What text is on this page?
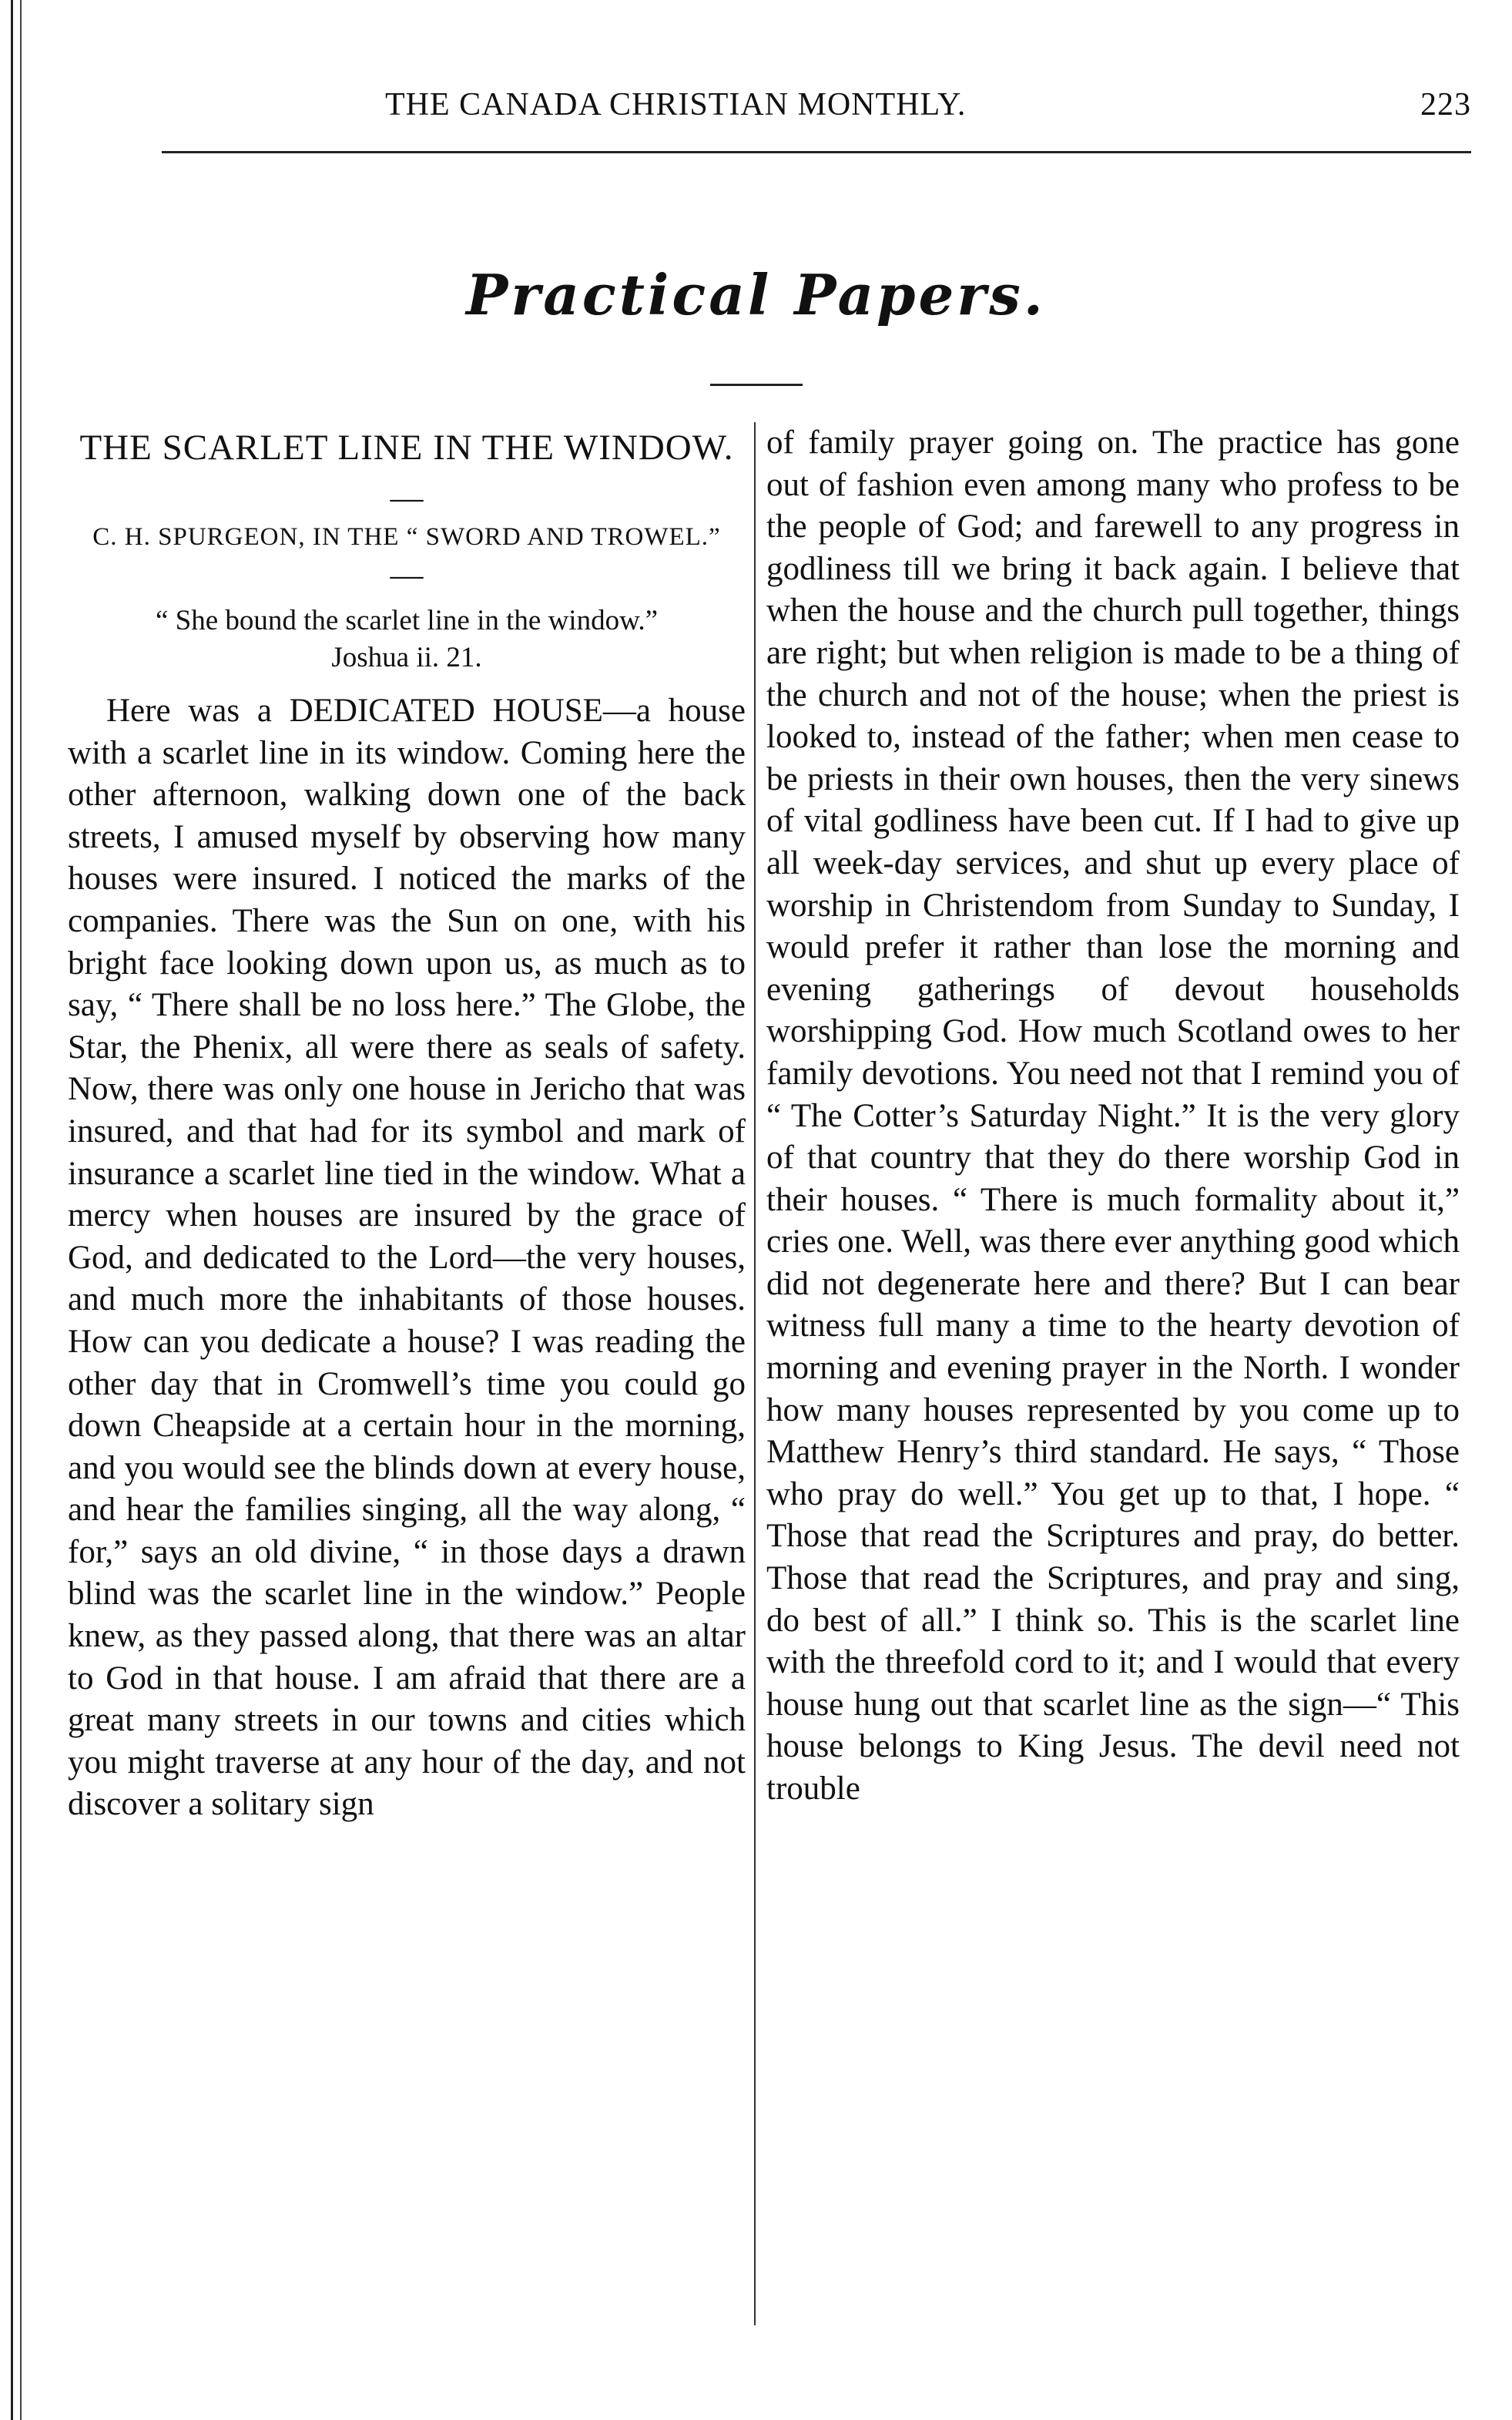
THE CANADA CHRISTIAN MONTHLY.	223
Practical Papers.
THE SCARLET LINE IN THE WINDOW.

—

C. H. SPURGEON, IN THE “ SWORD AND TROWEL.”

—

“ She bound the scarlet line in the window.”

Joshua ii. 21.

Here was a DEDICATED HOUSE—a house with a scarlet line in its window. Coming here the other afternoon, walking down one of the back streets, I amused myself by observing how many houses were insured. I noticed the marks of the companies. There was the Sun on one, with his bright face looking down upon us, as much as to say, “ There shall be no loss here.” The Globe, the Star, the Phenix, all were there as seals of safety. Now, there was only one house in Jericho that was insured, and that had for its symbol and mark of insurance a scarlet line tied in the window. What a mercy when houses are insured by the grace of God, and dedicated to the Lord—the very houses, and much more the inhabitants of those houses. How can you dedicate a house? I was reading the other day that in Cromwell’s time you could go down Cheapside at a certain hour in the morning, and you would see the blinds down at every house, and hear the families singing, all the way along, “ for,” says an old divine, “ in those days a drawn blind was the scarlet line in the window.” People knew, as they passed along, that there was an altar to God in that house. I am afraid that there are a great many streets in our towns and cities which you might traverse at any hour of the day, and not discover a solitary sign

of family prayer going on. The practice has gone out of fashion even among many who profess to be the people of God; and farewell to any progress in godliness till we bring it back again. I believe that when the house and the church pull together, things are right; but when religion is made to be a thing of the church and not of the house; when the priest is looked to, instead of the father; when men cease to be priests in their own houses, then the very sinews of vital godliness have been cut. If I had to give up all week-day services, and shut up every place of worship in Christendom from Sunday to Sunday, I would prefer it rather than lose the morning and evening gatherings of devout households worshipping God. How much Scotland owes to her family devotions. You need not that I remind you of “ The Cotter’s Saturday Night.” It is the very glory of that country that they do there worship God in their houses. “ There is much formality about it,” cries one. Well, was there ever anything good which did not degenerate here and there? But I can bear witness full many a time to the hearty devotion of morning and evening prayer in the North. I wonder how many houses represented by you come up to Matthew Henry’s third standard. He says, “ Those who pray do well.” You get up to that, I hope. “ Those that read the Scriptures and pray, do better. Those that read the Scriptures, and pray and sing, do best of all.” I think so. This is the scarlet line with the threefold cord to it; and I would that every house hung out that scarlet line as the sign—“ This house belongs to King Jesus. The devil need not trouble
